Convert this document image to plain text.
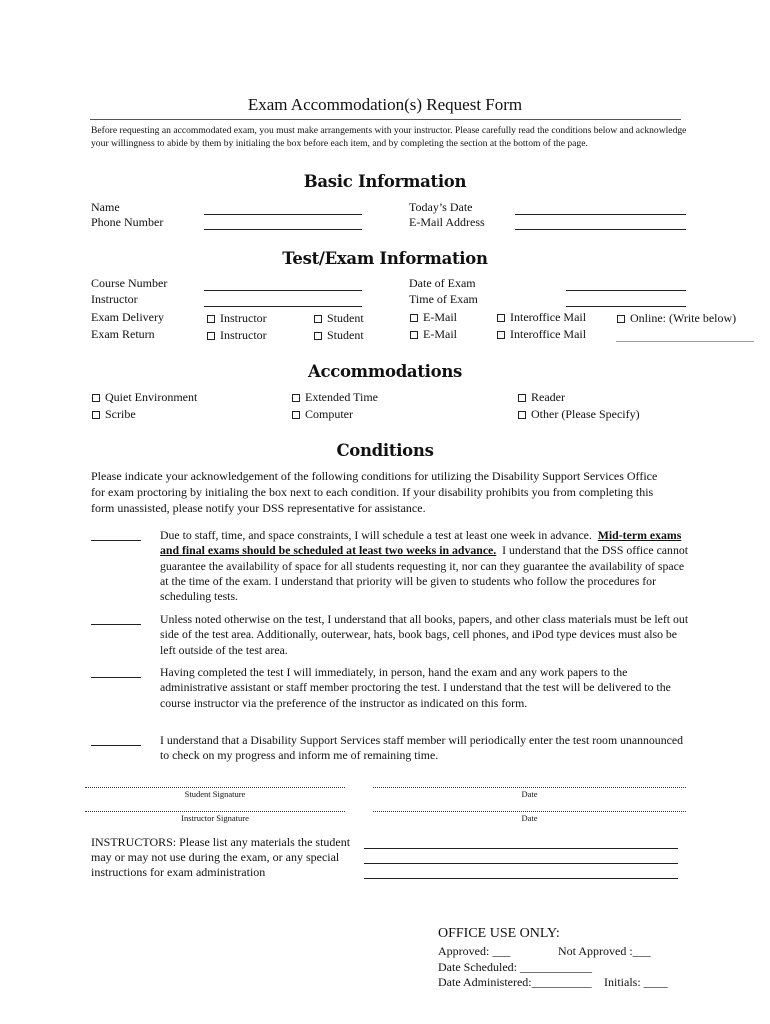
Exam Accommodation(s) Request Form
Before requesting an accommodated exam, you must make arrangements with your instructor. Please carefully read the conditions below and acknowledge your willingness to abide by them by initialing the box before each item, and by completing the section at the bottom of the page.
Basic Information
Name
Phone Number
Today’s Date
E-Mail Address
Test/Exam Information
Course Number
Instructor
Date of Exam
Time of Exam
Exam Delivery	Instructor	Student	E-Mail	Interoffice Mail	Online: (Write below)
Exam Return	Instructor	Student	E-Mail	Interoffice Mail
Accommodations
Quiet Environment
Scribe
Extended Time
Computer
Reader
Other (Please Specify)
Conditions
Please indicate your acknowledgement of the following conditions for utilizing the Disability Support Services Office for exam proctoring by initialing the box next to each condition. If your disability prohibits you from completing this form unassisted, please notify your DSS representative for assistance.
Due to staff, time, and space constraints, I will schedule a test at least one week in advance. Mid-term exams and final exams should be scheduled at least two weeks in advance. I understand that the DSS office cannot guarantee the availability of space for all students requesting it, nor can they guarantee the availability of space at the time of the exam. I understand that priority will be given to students who follow the procedures for scheduling tests.
Unless noted otherwise on the test, I understand that all books, papers, and other class materials must be left out side of the test area. Additionally, outerwear, hats, book bags, cell phones, and iPod type devices must also be left outside of the test area.
Having completed the test I will immediately, in person, hand the exam and any work papers to the administrative assistant or staff member proctoring the test. I understand that the test will be delivered to the course instructor via the preference of the instructor as indicated on this form.
I understand that a Disability Support Services staff member will periodically enter the test room unannounced to check on my progress and inform me of remaining time.
Student Signature	Date
Instructor Signature	Date
INSTRUCTORS: Please list any materials the student may or may not use during the exam, or any special instructions for exam administration
OFFICE USE ONLY:
Approved: ___	Not Approved :___
Date Scheduled: ____________
Date Administered:__________ Initials: ____
